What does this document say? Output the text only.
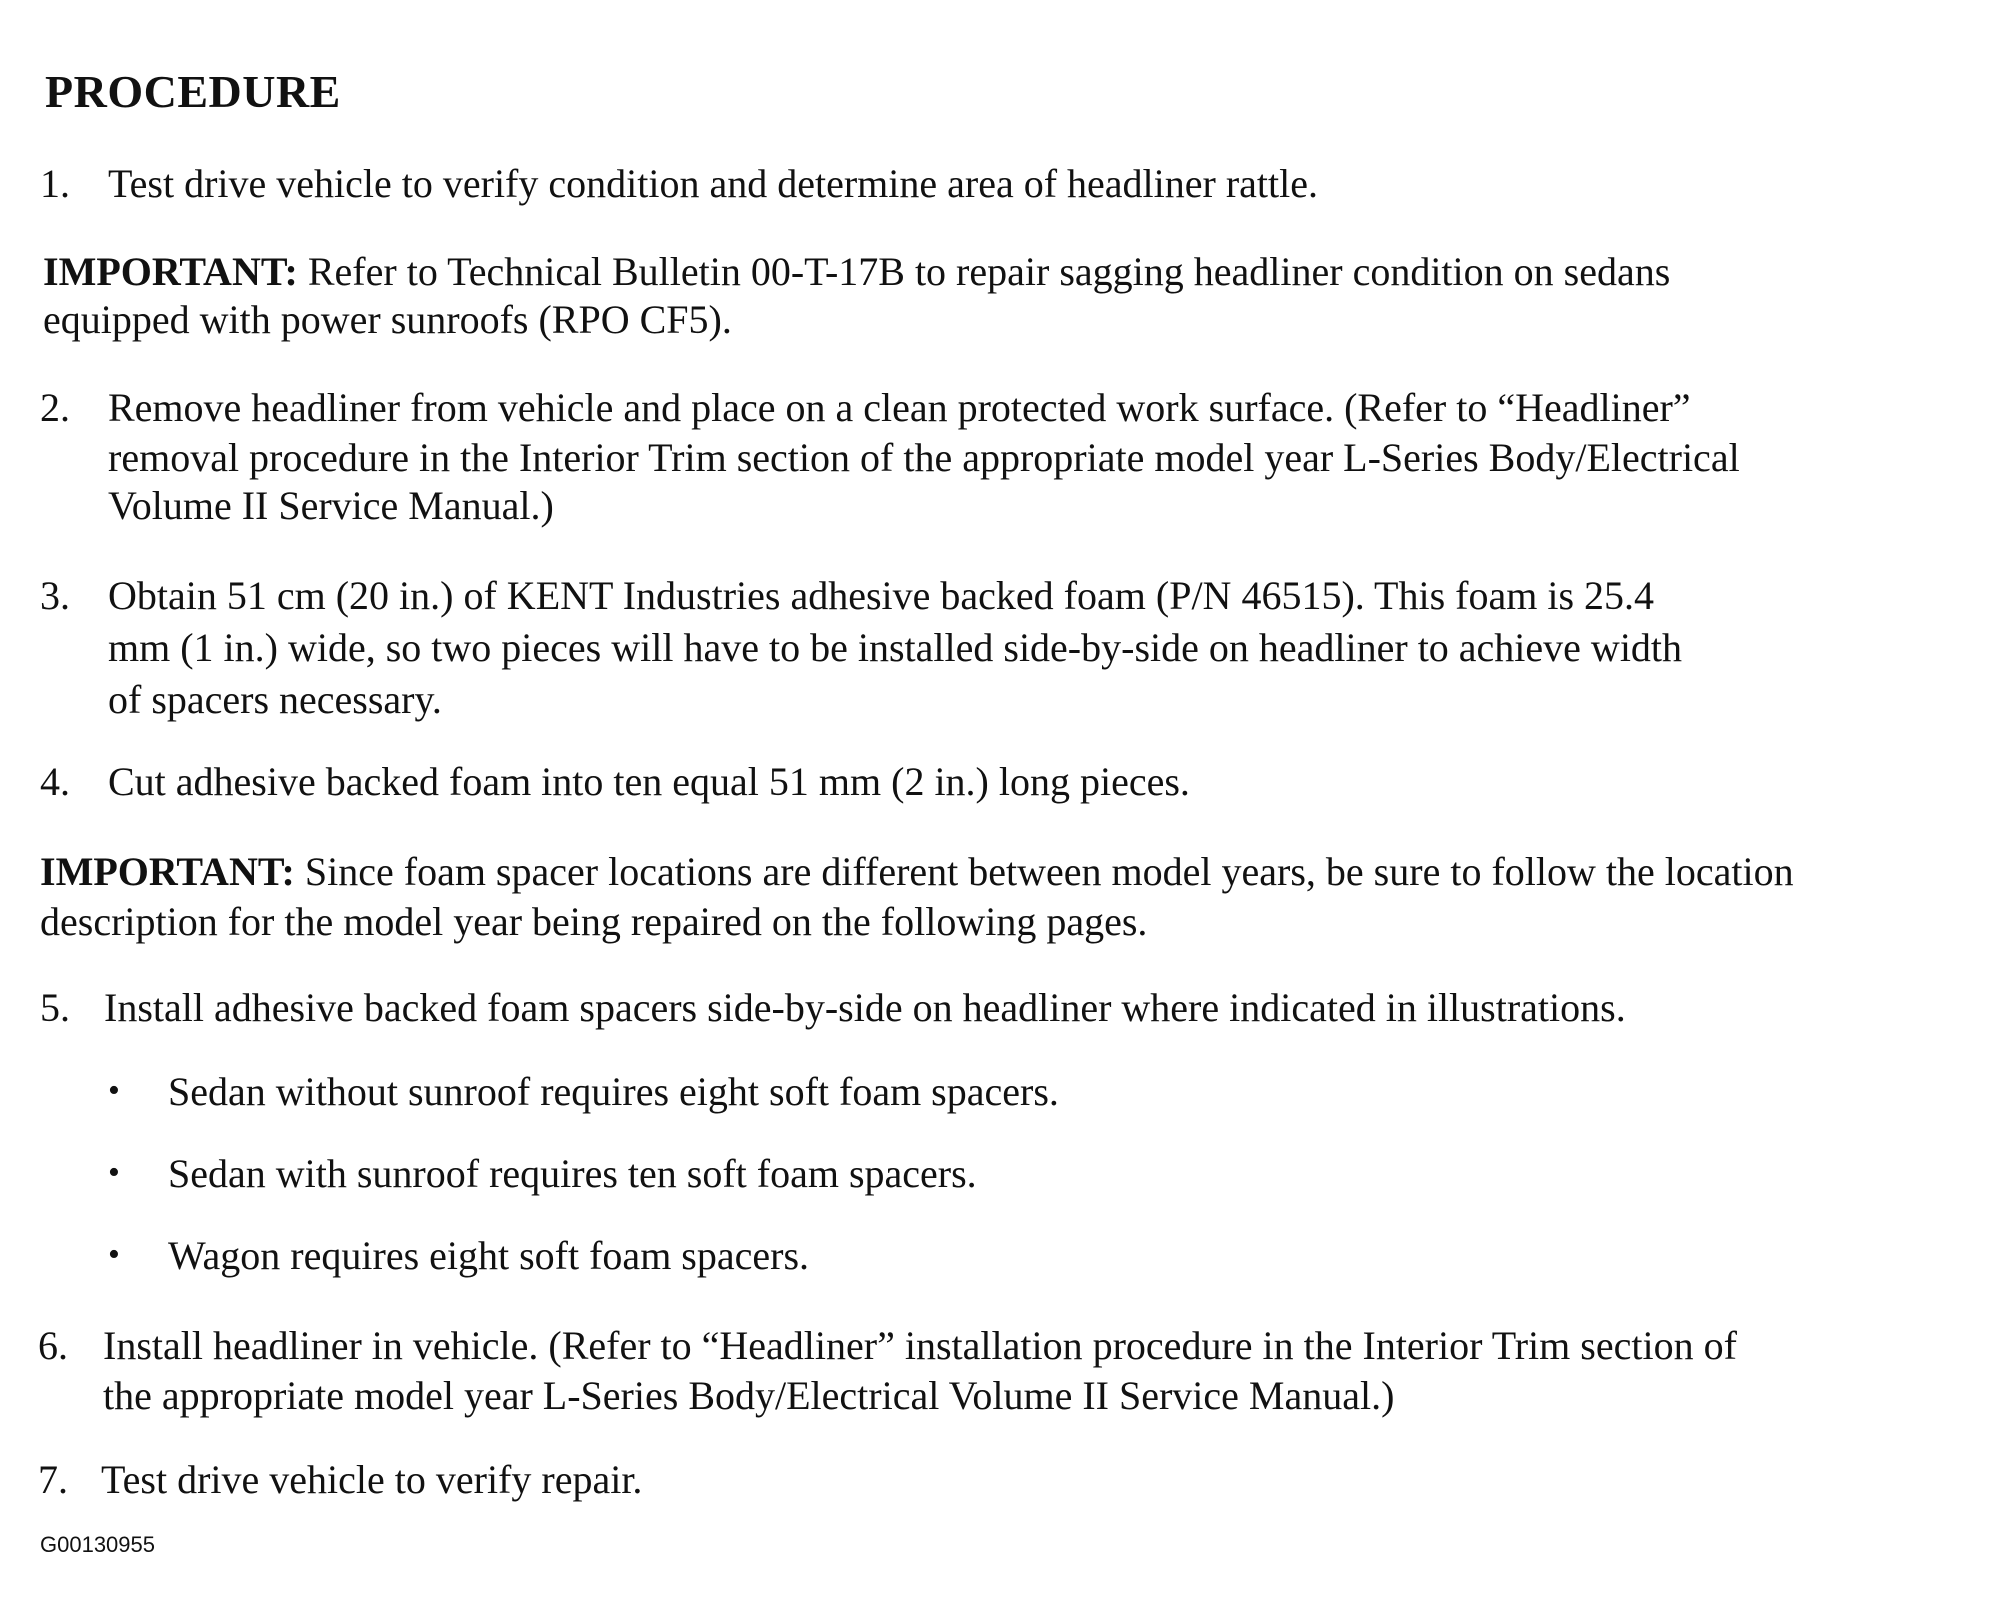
PROCEDURE
1. Test drive vehicle to verify condition and determine area of headliner rattle.
IMPORTANT: Refer to Technical Bulletin 00-T-17B to repair sagging headliner condition on sedans
equipped with power sunroofs (RPO CF5).
2. Remove headliner from vehicle and place on a clean protected work surface. (Refer to “Headliner”
removal procedure in the Interior Trim section of the appropriate model year L-Series Body/Electrical
Volume II Service Manual.)
3. Obtain 51 cm (20 in.) of KENT Industries adhesive backed foam (P/N 46515). This foam is 25.4
mm (1 in.) wide, so two pieces will have to be installed side-by-side on headliner to achieve width
of spacers necessary.
4. Cut adhesive backed foam into ten equal 51 mm (2 in.) long pieces.
IMPORTANT: Since foam spacer locations are different between model years, be sure to follow the location
description for the model year being repaired on the following pages.
5. Install adhesive backed foam spacers side-by-side on headliner where indicated in illustrations.
• Sedan without sunroof requires eight soft foam spacers.
• Sedan with sunroof requires ten soft foam spacers.
• Wagon requires eight soft foam spacers.
6. Install headliner in vehicle. (Refer to “Headliner” installation procedure in the Interior Trim section of
the appropriate model year L-Series Body/Electrical Volume II Service Manual.)
7. Test drive vehicle to verify repair.
G00130955
